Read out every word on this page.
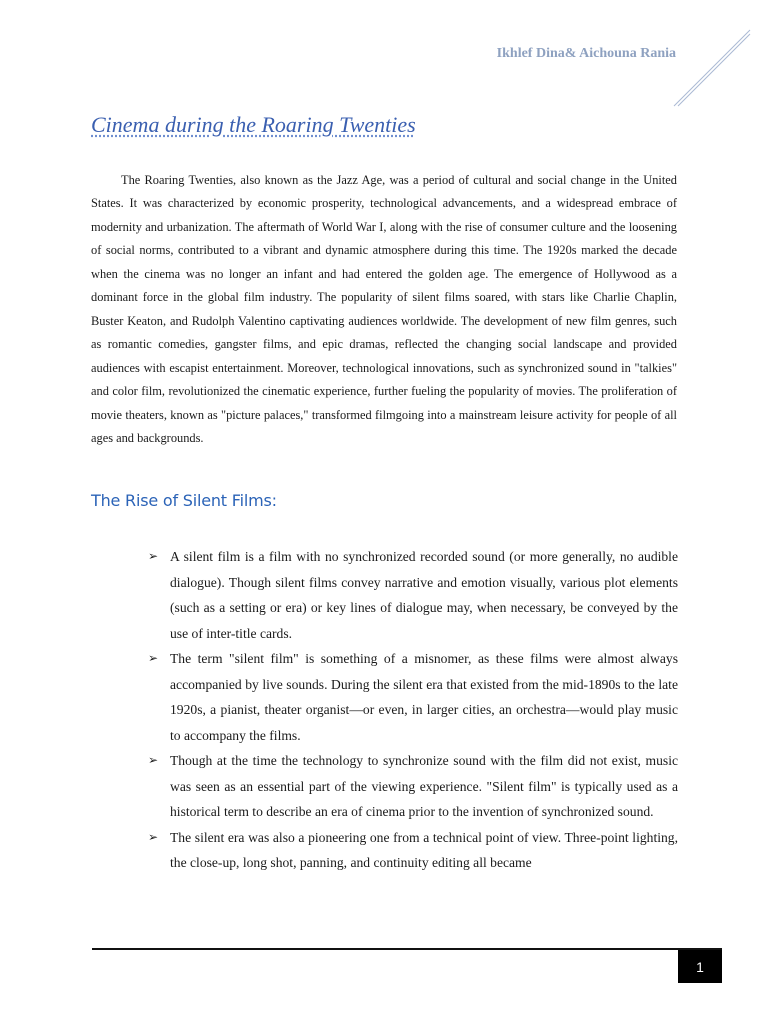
Ikhlef Dina& Aichouna Rania
Cinema during the Roaring Twenties

The Roaring Twenties, also known as the Jazz Age, was a period of cultural and social change in the United States. It was characterized by economic prosperity, technological advancements, and a widespread embrace of modernity and urbanization. The aftermath of World War I, along with the rise of consumer culture and the loosening of social norms, contributed to a vibrant and dynamic atmosphere during this time. The 1920s marked the decade when the cinema was no longer an infant and had entered the golden age. The emergence of Hollywood as a dominant force in the global film industry. The popularity of silent films soared, with stars like Charlie Chaplin, Buster Keaton, and Rudolph Valentino captivating audiences worldwide. The development of new film genres, such as romantic comedies, gangster films, and epic dramas, reflected the changing social landscape and provided audiences with escapist entertainment. Moreover, technological innovations, such as synchronized sound in "talkies" and color film, revolutionized the cinematic experience, further fueling the popularity of movies. The proliferation of movie theaters, known as "picture palaces," transformed filmgoing into a mainstream leisure activity for people of all ages and backgrounds.

The Rise of Silent Films:
➢ A silent film is a film with no synchronized recorded sound (or more generally, no audible dialogue). Though silent films convey narrative and emotion visually, various plot elements (such as a setting or era) or key lines of dialogue may, when necessary, be conveyed by the use of inter-title cards.
➢ The term "silent film" is something of a misnomer, as these films were almost always accompanied by live sounds. During the silent era that existed from the mid-1890s to the late 1920s, a pianist, theater organist—or even, in larger cities, an orchestra—would play music to accompany the films.
➢ Though at the time the technology to synchronize sound with the film did not exist, music was seen as an essential part of the viewing experience. "Silent film" is typically used as a historical term to describe an era of cinema prior to the invention of synchronized sound.
➢ The silent era was also a pioneering one from a technical point of view. Three-point lighting, the close-up, long shot, panning, and continuity editing all became
1
